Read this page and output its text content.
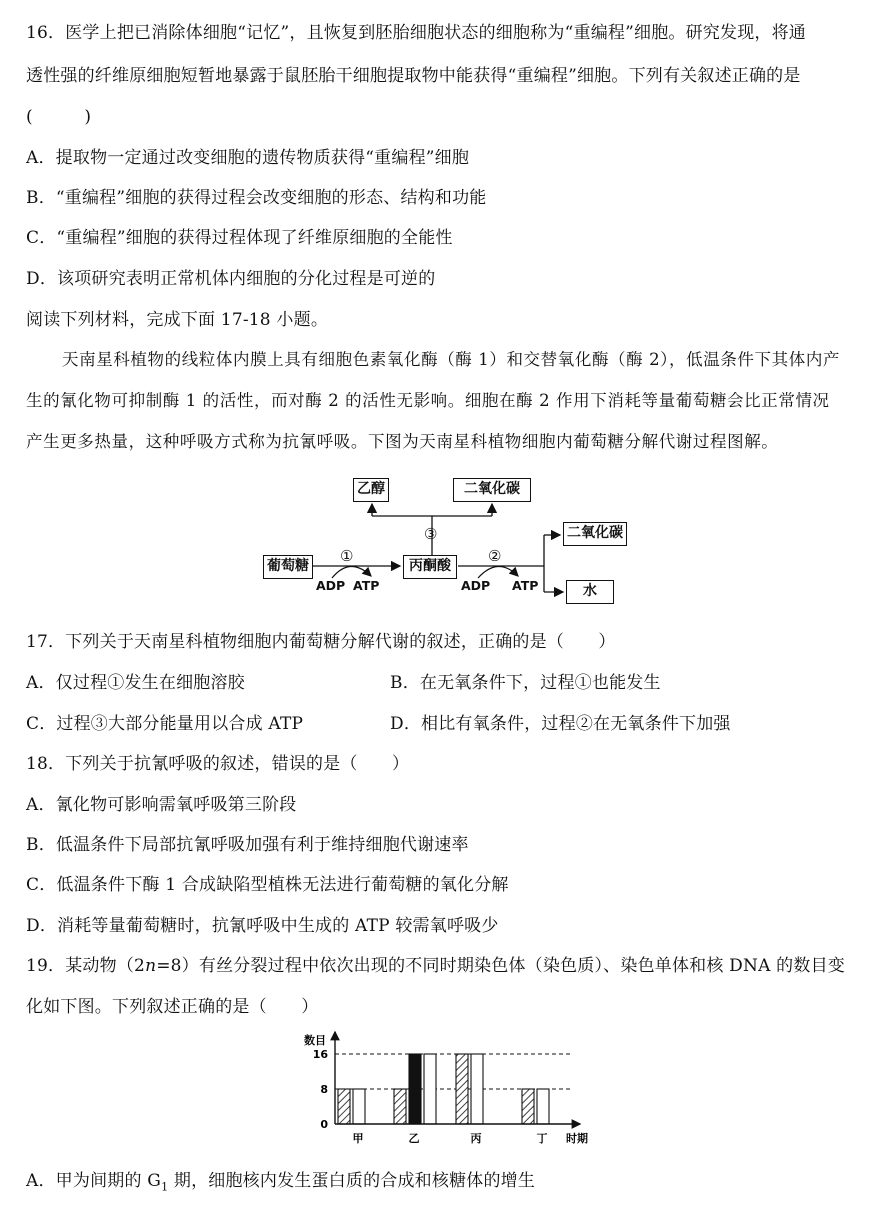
16．医学上把已消除体细胞“记忆”，且恢复到胚胎细胞状态的细胞称为“重编程”细胞。研究发现，将通
透性强的纤维原细胞短暂地暴露于鼠胚胎干细胞提取物中能获得“重编程”细胞。下列有关叙述正确的是
(　　　)
A．提取物一定通过改变细胞的遗传物质获得“重编程”细胞
B．“重编程”细胞的获得过程会改变细胞的形态、结构和功能
C．“重编程”细胞的获得过程体现了纤维原细胞的全能性
D．该项研究表明正常机体内细胞的分化过程是可逆的
阅读下列材料，完成下面 17-18 小题。
天南星科植物的线粒体内膜上具有细胞色素氧化酶（酶 1）和交替氧化酶（酶 2），低温条件下其体内产
生的氰化物可抑制酶 1 的活性，而对酶 2 的活性无影响。细胞在酶 2 作用下消耗等量葡萄糖会比正常情况
产生更多热量，这种呼吸方式称为抗氰呼吸。下图为天南星科植物细胞内葡萄糖分解代谢过程图解。
乙醇	二氧化碳
③
葡萄糖
①
丙酮酸
②
二氧化碳
水
ADP ATP	ADP ATP
17．下列关于天南星科植物细胞内葡萄糖分解代谢的叙述，正确的是（　　）
A．仅过程①发生在细胞溶胶	B．在无氧条件下，过程①也能发生
C．过程③大部分能量用以合成 ATP	D．相比有氧条件，过程②在无氧条件下加强
18．下列关于抗氰呼吸的叙述，错误的是（　　）
A．氰化物可影响需氧呼吸第三阶段
B．低温条件下局部抗氰呼吸加强有利于维持细胞代谢速率
C．低温条件下酶 1 合成缺陷型植株无法进行葡萄糖的氧化分解
D．消耗等量葡萄糖时，抗氰呼吸中生成的 ATP 较需氧呼吸少
19．某动物（2n=8）有丝分裂过程中依次出现的不同时期染色体（染色质）、染色单体和核 DNA 的数目变
化如下图。下列叙述正确的是（　　）
数目
时期
0
8
16
甲	乙	丙	丁
A．甲为间期的 $G_1$ 期，细胞核内发生蛋白质的合成和核糖体的增生
